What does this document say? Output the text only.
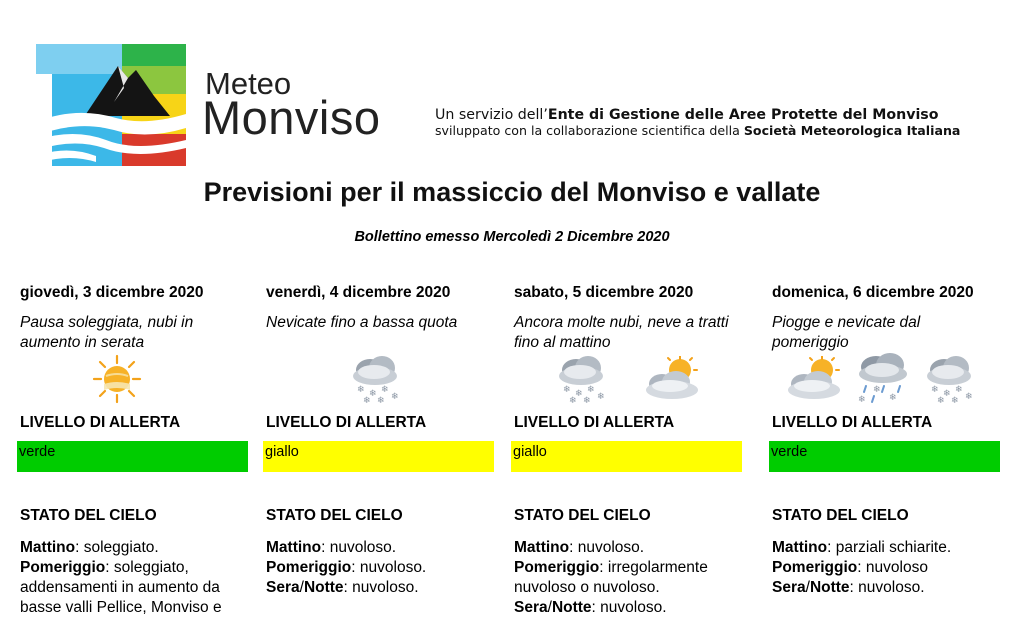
Meteo
Monviso	Un servizio dell’Ente di Gestione delle Aree Protette del Monviso
sviluppato con la collaborazione scientifica della Società Meteorologica Italiana
Previsioni per il massiccio del Monviso e vallate
Bollettino emesso Mercoledì 2 Dicembre 2020
giovedì, 3 dicembre 2020
Pausa soleggiata, nubi in
aumento in serata
LIVELLO DI ALLERTA
verde
STATO DEL CIELO
Mattino: soleggiato.
Pomeriggio: soleggiato,
addensamenti in aumento da
basse valli Pellice, Monviso e
venerdì, 4 dicembre 2020
Nevicate fino a bassa quota
❄ ❄ ❄
❄ ❄ ❄
LIVELLO DI ALLERTA
giallo
STATO DEL CIELO
Mattino: nuvoloso.
Pomeriggio: nuvoloso.
Sera/Notte: nuvoloso.
sabato, 5 dicembre 2020
Ancora molte nubi, neve a tratti
fino al mattino
❄ ❄ ❄
❄ ❄ ❄
LIVELLO DI ALLERTA
giallo
STATO DEL CIELO
Mattino: nuvoloso.
Pomeriggio: irregolarmente
nuvoloso o nuvoloso.
Sera/Notte: nuvoloso.
domenica, 6 dicembre 2020
Piogge e nevicate dal
pomeriggio
❄
❄
❄
❄ ❄ ❄
❄ ❄ ❄
LIVELLO DI ALLERTA
verde
STATO DEL CIELO
Mattino: parziali schiarite.
Pomeriggio: nuvoloso
Sera/Notte: nuvoloso.
